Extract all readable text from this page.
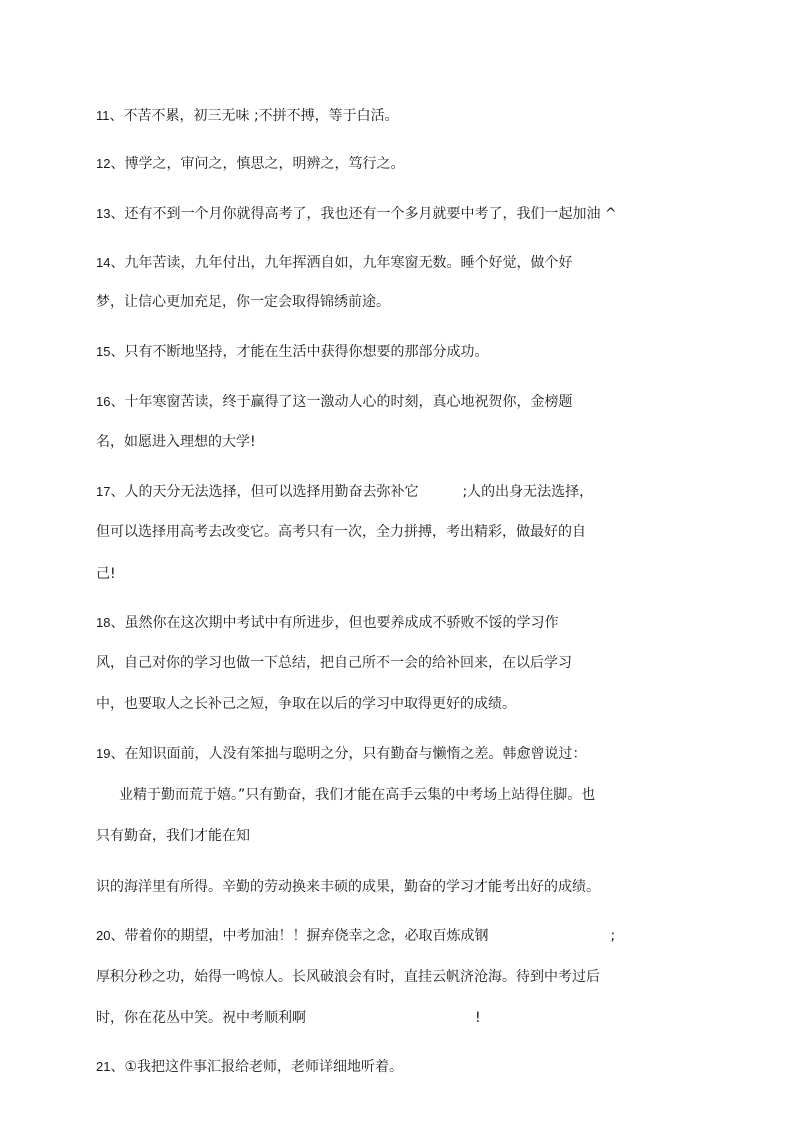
11、不苦不累，初三无味 ;不拼不搏，等于白活。
12、博学之，审问之，慎思之，明辨之，笃行之。
13、还有不到一个月你就得高考了，我也还有一个多月就要中考了，我们一起加油 ^
14、九年苦读，九年付出，九年挥洒自如，九年寒窗无数。睡个好觉，做个好
梦，让信心更加充足，你一定会取得锦绣前途。
15、只有不断地坚持，才能在生活中获得你想要的那部分成功。
16、十年寒窗苦读，终于赢得了这一激动人心的时刻，真心地祝贺你，金榜题
名，如愿进入理想的大学!
17、人的天分无法选择，但可以选择用勤奋去弥补它	;人的出身无法选择，
但可以选择用高考去改变它。高考只有一次，全力拼搏，考出精彩，做最好的自
己!
18、虽然你在这次期中考试中有所进步，但也要养成成不骄败不馁的学习作
风，自己对你的学习也做一下总结，把自己所不一会的给补回来，在以后学习
中，也要取人之长补己之短，争取在以后的学习中取得更好的成绩。
19、在知识面前，人没有笨拙与聪明之分，只有勤奋与懒惰之差。韩愈曾说过：
业精于勤而荒于嬉。”只有勤奋，我们才能在高手云集的中考场上站得住脚。也
只有勤奋，我们才能在知
识的海洋里有所得。辛勤的劳动换来丰硕的成果，勤奋的学习才能考出好的成绩。
20、带着你的期望，中考加油！！摒弃侥幸之念，必取百炼成钢	;
厚积分秒之功，始得一鸣惊人。长风破浪会有时，直挂云帆济沧海。待到中考过后
时，你在花丛中笑。祝中考顺利啊	!
21、①我把这件事汇报给老师，老师详细地听着。
